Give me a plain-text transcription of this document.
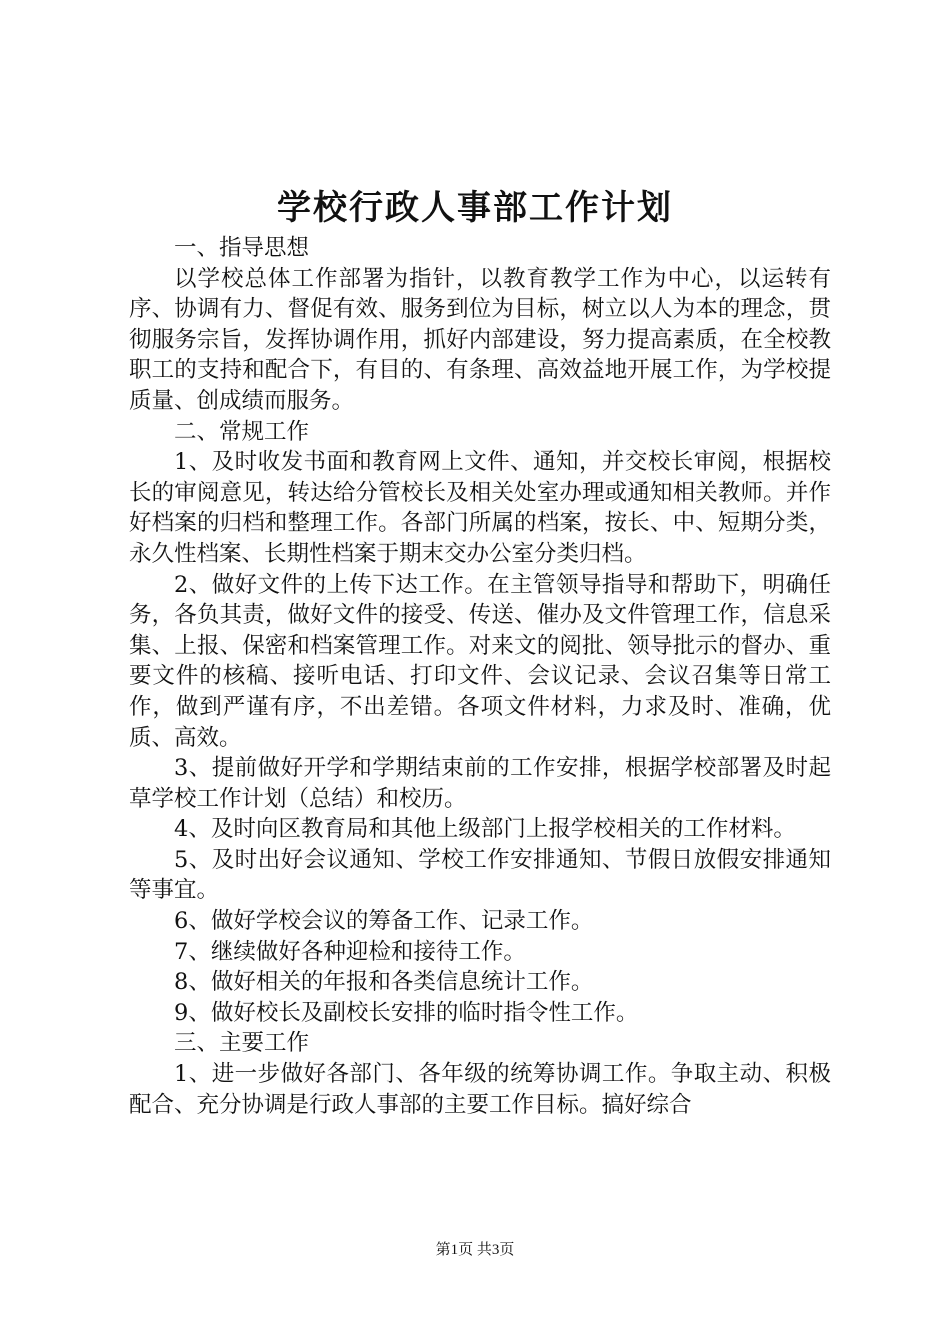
学校行政人事部工作计划

一、指导思想

以学校总体工作部署为指针，以教育教学工作为中心，以运转有序、协调有力、督促有效、服务到位为目标，树立以人为本的理念，贯彻服务宗旨，发挥协调作用，抓好内部建设，努力提高素质，在全校教职工的支持和配合下，有目的、有条理、高效益地开展工作，为学校提质量、创成绩而服务。

二、常规工作

1、及时收发书面和教育网上文件、通知，并交校长审阅，根据校长的审阅意见，转达给分管校长及相关处室办理或通知相关教师。并作好档案的归档和整理工作。各部门所属的档案，按长、中、短期分类，永久性档案、长期性档案于期末交办公室分类归档。

2、做好文件的上传下达工作。在主管领导指导和帮助下，明确任务，各负其责，做好文件的接受、传送、催办及文件管理工作，信息采集、上报、保密和档案管理工作。对来文的阅批、领导批示的督办、重要文件的核稿、接听电话、打印文件、会议记录、会议召集等日常工作，做到严谨有序，不出差错。各项文件材料，力求及时、准确，优质、高效。

3、提前做好开学和学期结束前的工作安排，根据学校部署及时起草学校工作计划（总结）和校历。

4、及时向区教育局和其他上级部门上报学校相关的工作材料。

5、及时出好会议通知、学校工作安排通知、节假日放假安排通知等事宜。

6、做好学校会议的筹备工作、记录工作。

7、继续做好各种迎检和接待工作。

8、做好相关的年报和各类信息统计工作。

9、做好校长及副校长安排的临时指令性工作。

三、主要工作

1、进一步做好各部门、各年级的统筹协调工作。争取主动、积极配合、充分协调是行政人事部的主要工作目标。搞好综合

第1页 共3页
